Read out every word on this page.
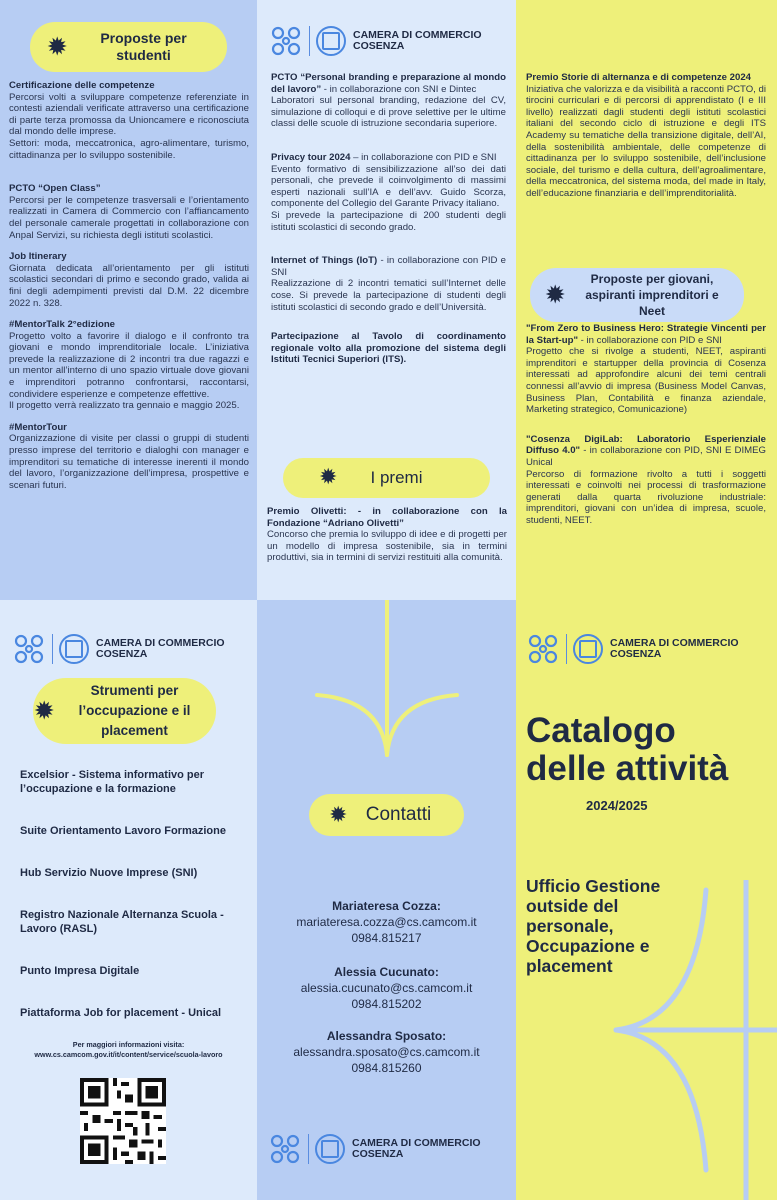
✹	Proposte per studenti

Certificazione delle competenze
Percorsi volti a sviluppare competenze referenziate in contesti aziendali verificate attraverso una certificazione di parte terza promossa da Unioncamere e riconosciuta dal mondo delle imprese.
Settori: moda, meccatronica, agro-alimentare, turismo, cittadinanza per lo sviluppo sostenibile.

PCTO “Open Class”
Percorsi per le competenze trasversali e l’orientamento realizzati in Camera di Commercio con l’affiancamento del personale camerale progettati in collaborazione con Anpal Servizi, su richiesta degli istituti scolastici.

Job Itinerary
Giornata dedicata all’orientamento per gli istituti scolastici secondari di primo e secondo grado, valida ai fini degli adempimenti previsti dal D.M. 22 dicembre 2022 n. 328.

#MentorTalk 2°edizione
Progetto volto a favorire il dialogo e il confronto tra giovani e mondo imprenditoriale locale. L’iniziativa prevede la realizzazione di 2 incontri tra due ragazzi e un mentor all’interno di uno spazio virtuale dove giovani e imprenditori potranno confrontarsi, raccontarsi, condividere esperienze e competenze effettive.
Il progetto verrà realizzato tra gennaio e maggio 2025.

#MentorTour
Organizzazione di visite per classi o gruppi di studenti presso imprese del territorio e dialoghi con manager e imprenditori su tematiche di interesse inerenti il mondo del lavoro, l’organizzazione dell’impresa, prospettive e scenari futuri.

CAMERA DI COMMERCIO
COSENZA

PCTO “Personal branding e preparazione al mondo del lavoro” - in collaborazione con SNI e Dintec
Laboratori sul personal branding, redazione del CV, simulazione di colloqui e di prove selettive per le ultime classi delle scuole di istruzione secondaria superiore.

Privacy tour 2024 – in collaborazione con PID e SNI
Evento formativo di sensibilizzazione all’so dei dati personali, che prevede il coinvolgimento di massimi esperti nazionali sull’IA e dell’avv. Guido Scorza, componente del Collegio del Garante Privacy italiano.
Si prevede la partecipazione di 200 studenti degli istituti scolastici di secondo grado.

Internet of Things (IoT) - in collaborazione con PID e SNI
Realizzazione di 2 incontri tematici sull’Internet delle cose. Si prevede la partecipazione di studenti degli istituti scolastici di secondo grado e dell’Università.

Partecipazione al Tavolo di coordinamento regionale volto alla promozione del sistema degli Istituti Tecnici Superiori (ITS).

✹ I premi

Premio Olivetti: - in collaborazione con la Fondazione “Adriano Olivetti”
Concorso che premia lo sviluppo di idee e di progetti per un modello di impresa sostenibile, sia in termini produttivi, sia in termini di servizi restituiti alla comunità.

Premio Storie di alternanza e di competenze 2024
Iniziativa che valorizza e da visibilità a racconti PCTO, di tirocini curriculari e di percorsi di apprendistato (I e III livello) realizzati dagli studenti degli istituti scolastici italiani del secondo ciclo di istruzione e degli ITS Academy su tematiche della transizione digitale, dell’AI, della sostenibilità ambientale, delle competenze di cittadinanza per lo sviluppo sostenibile, dell’inclusione sociale, del turismo e della cultura, dell’agroalimentare, della meccatronica, del sistema moda, del made in Italy, dell’educazione finanziaria e dell’imprenditorialità.

✹
Proposte per giovani, aspiranti imprenditori e Neet

"From Zero to Business Hero: Strategie Vincenti per la Start-up" - in collaborazione con PID e SNI
Progetto che si rivolge a studenti, NEET, aspiranti imprenditori e startupper della provincia di Cosenza interessati ad approfondire alcuni dei temi centrali connessi all’avvio di impresa (Business Model Canvas, Business Plan, Contabilità e finanza aziendale, Marketing strategico, Comunicazione)

"Cosenza DigiLab: Laboratorio Esperienziale Diffuso 4.0" - in collaborazione con PID, SNI E DIMEG Unical
Percorso di formazione rivolto a tutti i soggetti interessati e coinvolti nei processi di trasformazione generati dalla quarta rivoluzione industriale: imprenditori, giovani con un’idea di impresa, scuole, studenti, NEET.

CAMERA DI COMMERCIO
COSENZA
✹
Strumenti per l’occupazione e il placement
Excelsior - Sistema informativo per l’occupazione e la formazione
Suite Orientamento Lavoro Formazione
Hub Servizio Nuove Imprese (SNI)
Registro Nazionale Alternanza Scuola - Lavoro (RASL)
Punto Impresa Digitale
Piattaforma Job for placement - Unical
Per maggiori informazioni visita:
www.cs.camcom.gov.it/it/content/service/scuola-lavoro
✹ Contatti
Mariateresa Cozza:
mariateresa.cozza@cs.camcom.it
0984.815217
Alessia Cucunato:
alessia.cucunato@cs.camcom.it
0984.815202
Alessandra Sposato:
alessandra.sposato@cs.camcom.it
0984.815260
CAMERA DI COMMERCIO
COSENZA
CAMERA DI COMMERCIO
COSENZA
Catalogo
delle attività
2024/2025
Ufficio Gestione outside del personale, Occupazione e placement
